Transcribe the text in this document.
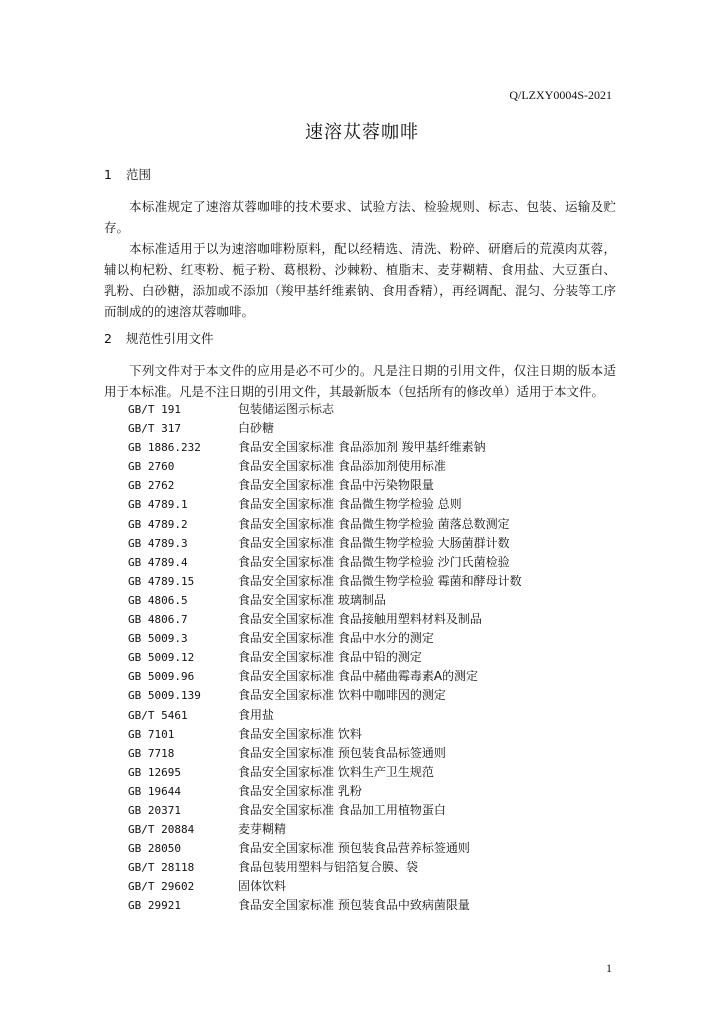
Q/LZXY0004S-2021
速溶苁蓉咖啡
1 范围

本标准规定了速溶苁蓉咖啡的技术要求、试验方法、检验规则、标志、包装、运输及贮存。

本标准适用于以为速溶咖啡粉原料，配以经精选、清洗、粉碎、研磨后的荒漠肉苁蓉，辅以枸杞粉、红枣粉、栀子粉、葛根粉、沙棘粉、植脂末、麦芽糊精、食用盐、大豆蛋白、乳粉、白砂糖，添加或不添加（羧甲基纤维素钠、食用香精），再经调配、混匀、分装等工序而制成的的速溶苁蓉咖啡。

2 规范性引用文件

下列文件对于本文件的应用是必不可少的。凡是注日期的引用文件，仅注日期的版本适用于本标准。凡是不注日期的引用文件，其最新版本（包括所有的修改单）适用于本文件。

GB/T 191	包装储运图示标志
GB/T 317	白砂糖
GB 1886.232	食品安全国家标准 食品添加剂 羧甲基纤维素钠
GB 2760	食品安全国家标准 食品添加剂使用标准
GB 2762	食品安全国家标准 食品中污染物限量
GB 4789.1	食品安全国家标准 食品微生物学检验 总则
GB 4789.2	食品安全国家标准 食品微生物学检验 菌落总数测定
GB 4789.3	食品安全国家标准 食品微生物学检验 大肠菌群计数
GB 4789.4	食品安全国家标准 食品微生物学检验 沙门氏菌检验
GB 4789.15	食品安全国家标准 食品微生物学检验 霉菌和酵母计数
GB 4806.5	食品安全国家标准 玻璃制品
GB 4806.7	食品安全国家标准 食品接触用塑料材料及制品
GB 5009.3	食品安全国家标准 食品中水分的测定
GB 5009.12	食品安全国家标准 食品中铅的测定
GB 5009.96	食品安全国家标准 食品中赭曲霉毒素A的测定
GB 5009.139	食品安全国家标准 饮料中咖啡因的测定
GB/T 5461	食用盐
GB 7101	食品安全国家标准 饮料
GB 7718	食品安全国家标准 预包装食品标签通则
GB 12695	食品安全国家标准 饮料生产卫生规范
GB 19644	食品安全国家标准 乳粉
GB 20371	食品安全国家标准 食品加工用植物蛋白
GB/T 20884	麦芽糊精
GB 28050	食品安全国家标准 预包装食品营养标签通则
GB/T 28118	食品包装用塑料与铝箔复合膜、袋
GB/T 29602	固体饮料
GB 29921	食品安全国家标准 预包装食品中致病菌限量
1
